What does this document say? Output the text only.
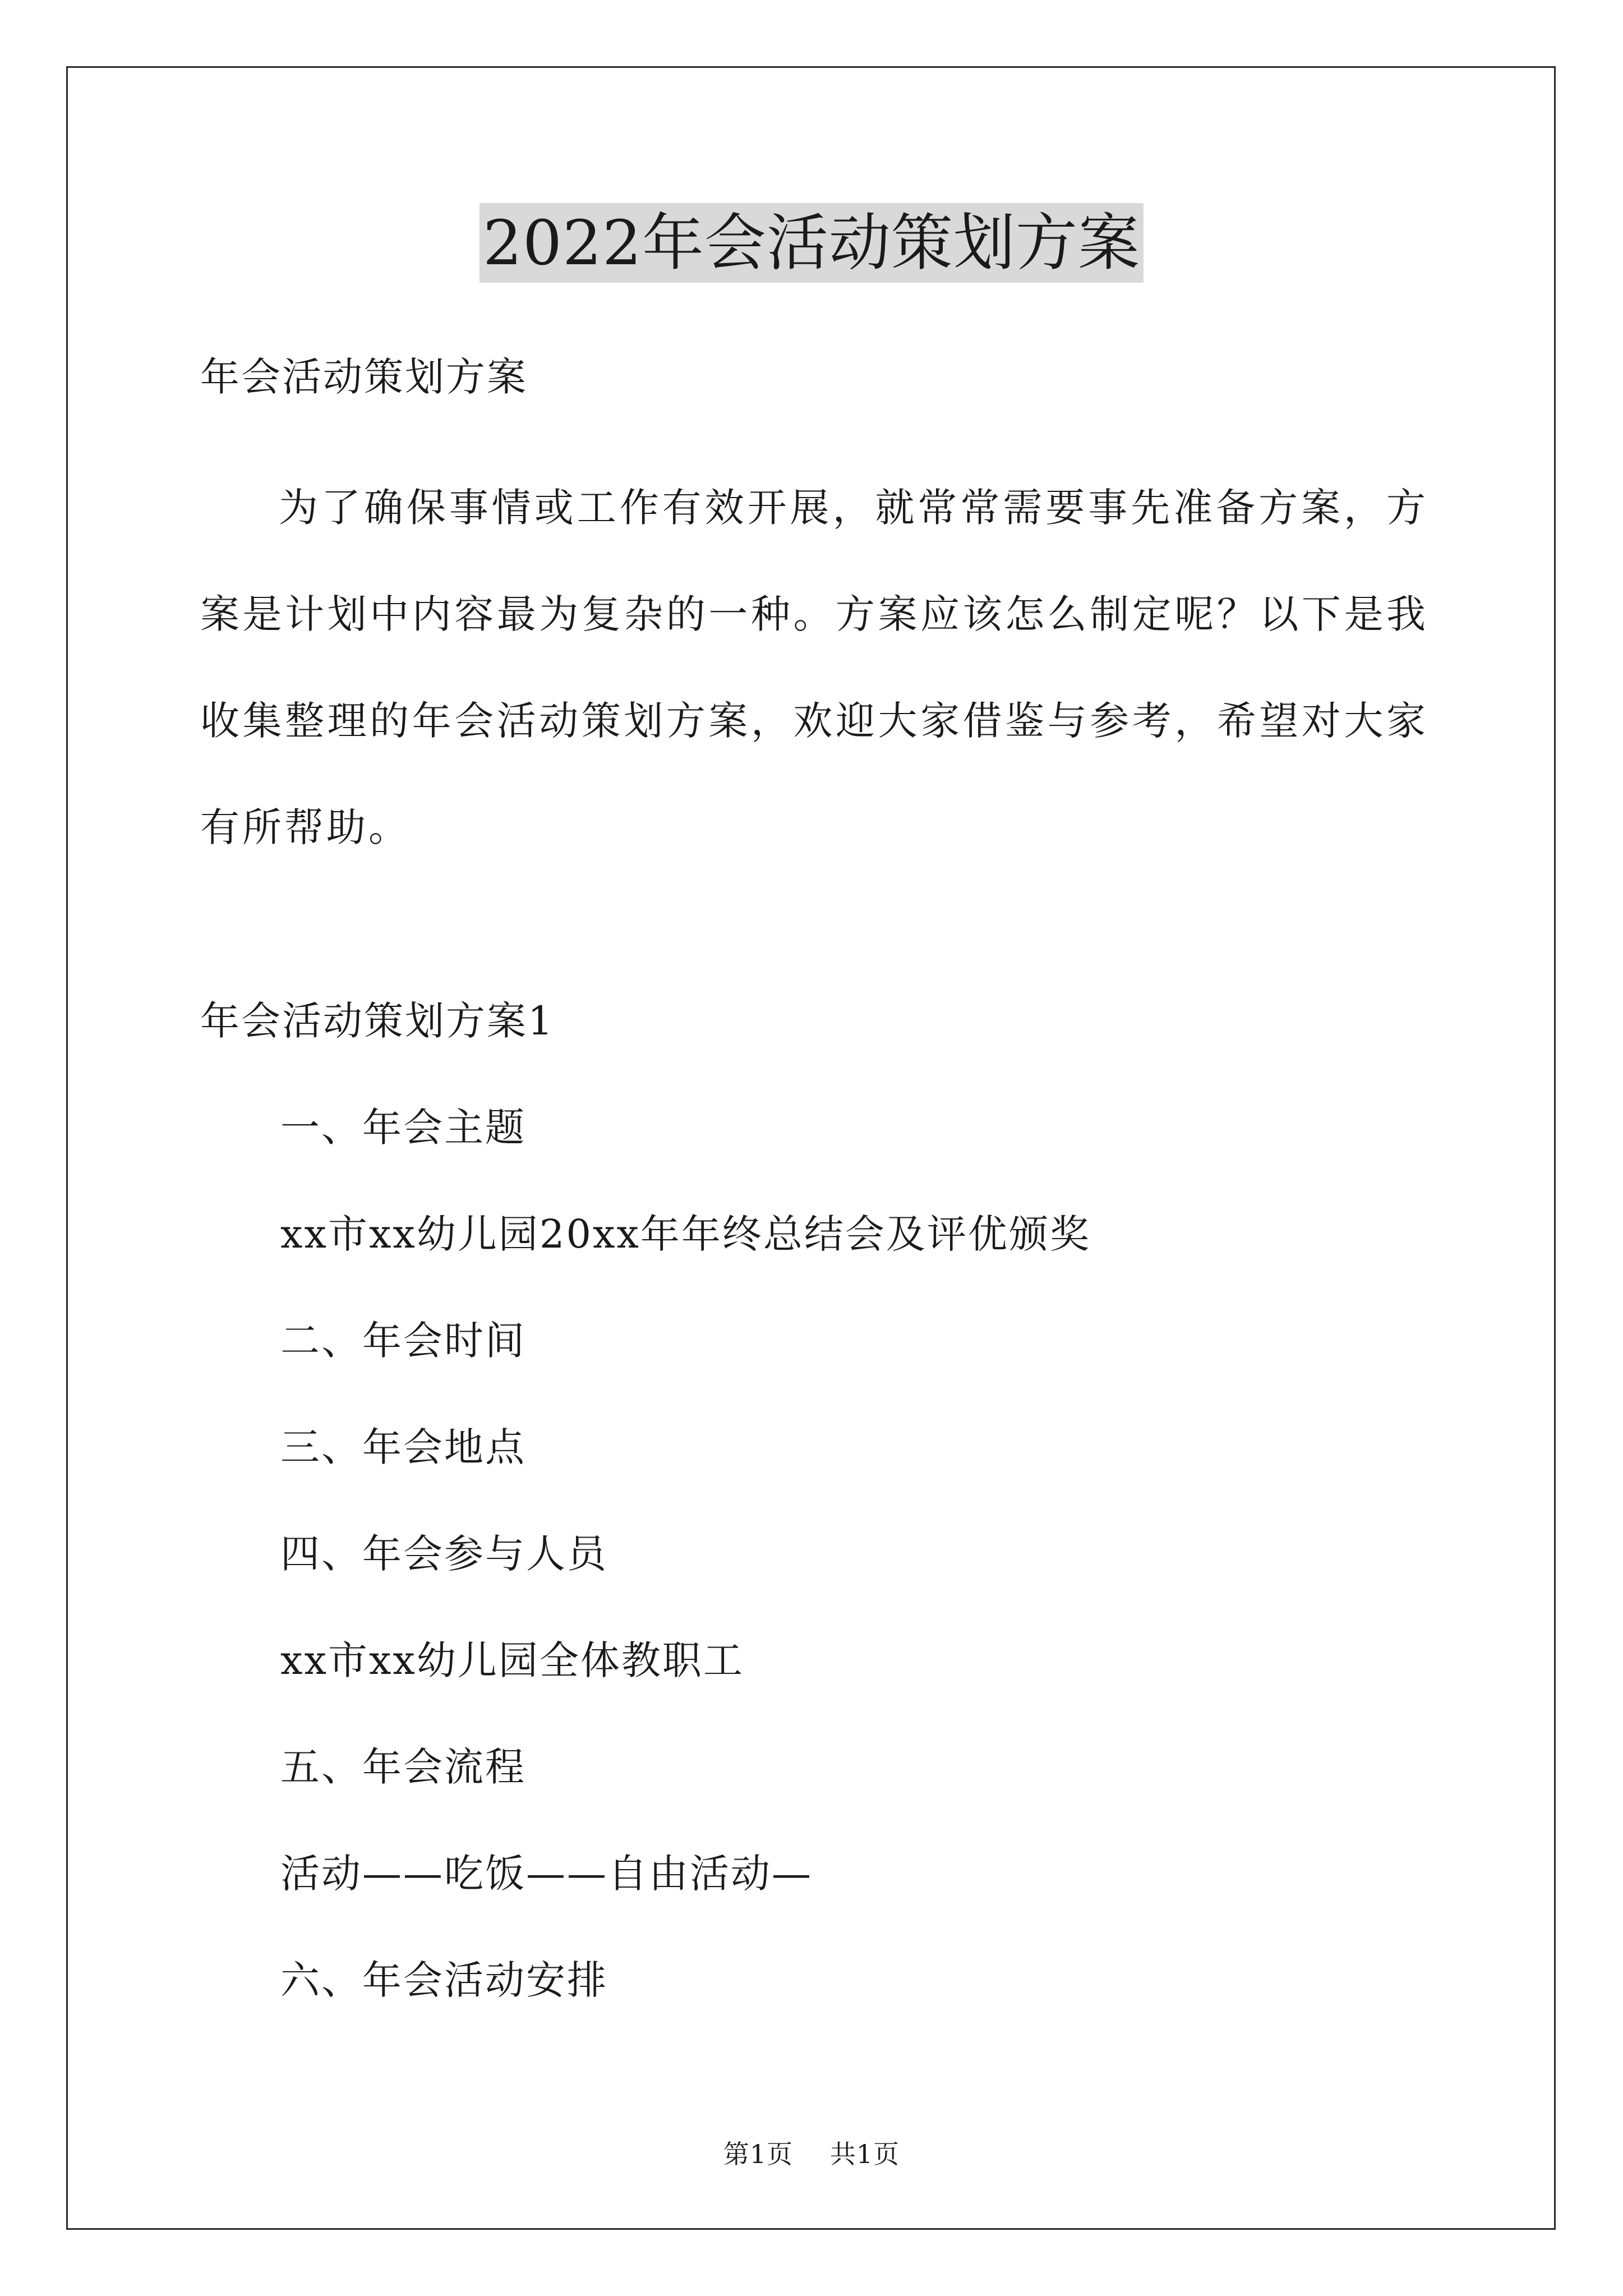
2022年会活动策划方案
年会活动策划方案
为了确保事情或工作有效开展，就常常需要事先准备方案，方案是计划中内容最为复杂的一种。方案应该怎么制定呢？以下是我收集整理的年会活动策划方案，欢迎大家借鉴与参考，希望对大家有所帮助。
年会活动策划方案1
一、年会主题
xx市xx幼儿园20xx年年终总结会及评优颁奖
二、年会时间
三、年会地点
四、年会参与人员
xx市xx幼儿园全体教职工
五、年会流程
活动——吃饭——自由活动—
六、年会活动安排
第1页 共1页
